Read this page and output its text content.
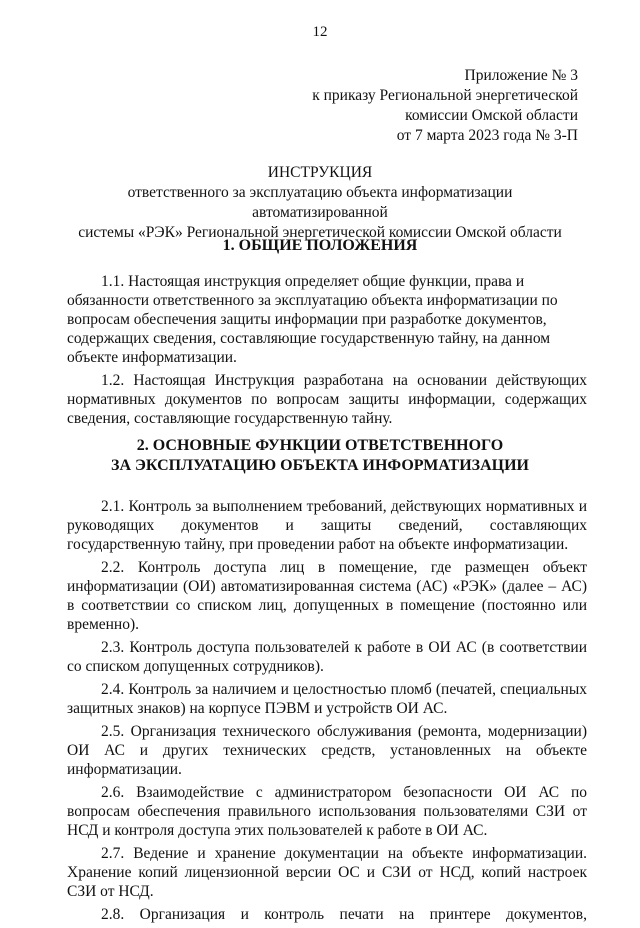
12
Приложение № 3
к приказу Региональной энергетической
комиссии Омской области
от 7 марта 2023 года № 3-П
ИНСТРУКЦИЯ
ответственного за эксплуатацию объекта информатизации автоматизированной
системы «РЭК» Региональной энергетической комиссии Омской области
1. ОБЩИЕ ПОЛОЖЕНИЯ

1.1. Настоящая инструкция определяет общие функции, права и обязанности ответственного за эксплуатацию объекта информатизации по вопросам обеспечения защиты информации при разработке документов, содержащих сведения, составляющие государственную тайну, на данном объекте информатизации.

1.2. Настоящая Инструкция разработана на основании действующих нормативных документов по вопросам защиты информации, содержащих сведения, составляющие государственную тайну.

2. ОСНОВНЫЕ ФУНКЦИИ ОТВЕТСТВЕННОГО
ЗА ЭКСПЛУАТАЦИЮ ОБЪЕКТА ИНФОРМАТИЗАЦИИ

2.1. Контроль за выполнением требований, действующих нормативных и руководящих документов и защиты сведений, составляющих государственную тайну, при проведении работ на объекте информатизации.

2.2. Контроль доступа лиц в помещение, где размещен объект информатизации (ОИ) автоматизированная система (АС) «РЭК» (далее – АС) в соответствии со списком лиц, допущенных в помещение (постоянно или временно).

2.3. Контроль доступа пользователей к работе в ОИ АС (в соответствии со списком допущенных сотрудников).

2.4. Контроль за наличием и целостностью пломб (печатей, специальных защитных знаков) на корпусе ПЭВМ и устройств ОИ АС.

2.5. Организация технического обслуживания (ремонта, модернизации) ОИ АС и других технических средств, установленных на объекте информатизации.

2.6. Взаимодействие с администратором безопасности ОИ АС по вопросам обеспечения правильного использования пользователями СЗИ от НСД и контроля доступа этих пользователей к работе в ОИ АС.

2.7. Ведение и хранение документации на объекте информатизации. Хранение копий лицензионной версии ОС и СЗИ от НСД, копий настроек СЗИ от НСД.

2.8. Организация и контроль печати на принтере документов,
